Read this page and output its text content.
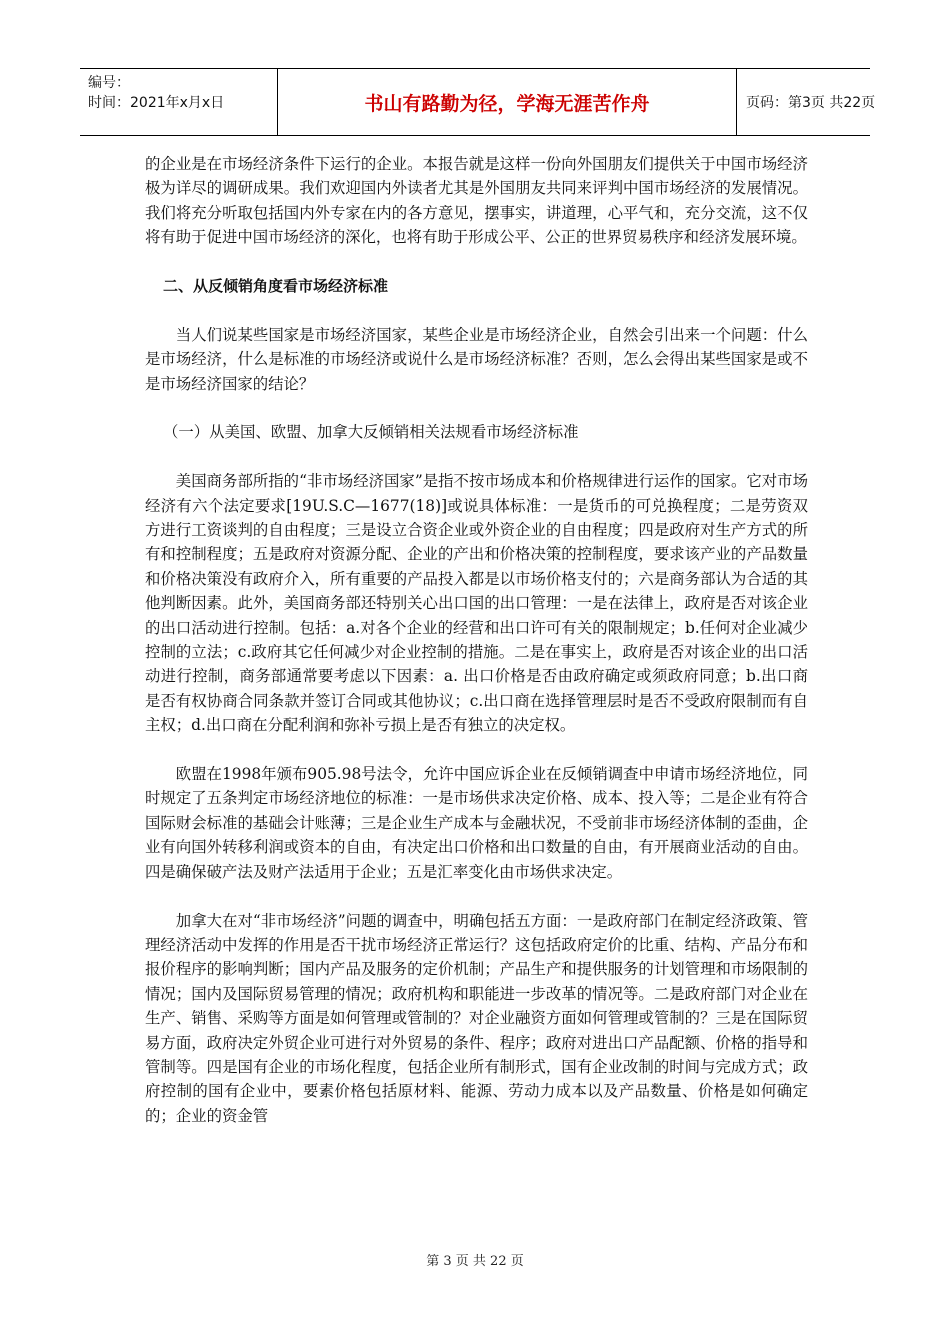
编号：
时间：2021年x月x日	书山有路勤为径，学海无涯苦作舟	页码：第3页 共22页

的企业是在市场经济条件下运行的企业。本报告就是这样一份向外国朋友们提供关于中国市场经济极为详尽的调研成果。我们欢迎国内外读者尤其是外国朋友共同来评判中国市场经济的发展情况。我们将充分听取包括国内外专家在内的各方意见，摆事实，讲道理，心平气和，充分交流，这不仅将有助于促进中国市场经济的深化，也将有助于形成公平、公正的世界贸易秩序和经济发展环境。

二、从反倾销角度看市场经济标准

当人们说某些国家是市场经济国家，某些企业是市场经济企业，自然会引出来一个问题：什么是市场经济，什么是标准的市场经济或说什么是市场经济标准？否则，怎么会得出某些国家是或不是市场经济国家的结论？

（一）从美国、欧盟、加拿大反倾销相关法规看市场经济标准

美国商务部所指的“非市场经济国家”是指不按市场成本和价格规律进行运作的国家。它对市场经济有六个法定要求[19U.S.C—1677(18)]或说具体标准：一是货币的可兑换程度；二是劳资双方进行工资谈判的自由程度；三是设立合资企业或外资企业的自由程度；四是政府对生产方式的所有和控制程度；五是政府对资源分配、企业的产出和价格决策的控制程度，要求该产业的产品数量和价格决策没有政府介入，所有重要的产品投入都是以市场价格支付的；六是商务部认为合适的其他判断因素。此外，美国商务部还特别关心出口国的出口管理：一是在法律上，政府是否对该企业的出口活动进行控制。包括：a.对各个企业的经营和出口许可有关的限制规定；b.任何对企业减少控制的立法；c.政府其它任何减少对企业控制的措施。二是在事实上，政府是否对该企业的出口活动进行控制，商务部通常要考虑以下因素：a. 出口价格是否由政府确定或须政府同意；b.出口商是否有权协商合同条款并签订合同或其他协议；c.出口商在选择管理层时是否不受政府限制而有自主权；d.出口商在分配利润和弥补亏损上是否有独立的决定权。

欧盟在1998年颁布905.98号法令，允许中国应诉企业在反倾销调查中申请市场经济地位，同时规定了五条判定市场经济地位的标准：一是市场供求决定价格、成本、投入等；二是企业有符合国际财会标准的基础会计账薄；三是企业生产成本与金融状况，不受前非市场经济体制的歪曲，企业有向国外转移利润或资本的自由，有决定出口价格和出口数量的自由，有开展商业活动的自由。四是确保破产法及财产法适用于企业；五是汇率变化由市场供求决定。

加拿大在对“非市场经济”问题的调查中，明确包括五方面：一是政府部门在制定经济政策、管理经济活动中发挥的作用是否干扰市场经济正常运行？这包括政府定价的比重、结构、产品分布和报价程序的影响判断；国内产品及服务的定价机制；产品生产和提供服务的计划管理和市场限制的情况；国内及国际贸易管理的情况；政府机构和职能进一步改革的情况等。二是政府部门对企业在生产、销售、采购等方面是如何管理或管制的？对企业融资方面如何管理或管制的？三是在国际贸易方面，政府决定外贸企业可进行对外贸易的条件、程序；政府对进出口产品配额、价格的指导和管制等。四是国有企业的市场化程度，包括企业所有制形式，国有企业改制的时间与完成方式；政府控制的国有企业中，要素价格包括原材料、能源、劳动力成本以及产品数量、价格是如何确定的；企业的资金管

第 3 页 共 22 页
